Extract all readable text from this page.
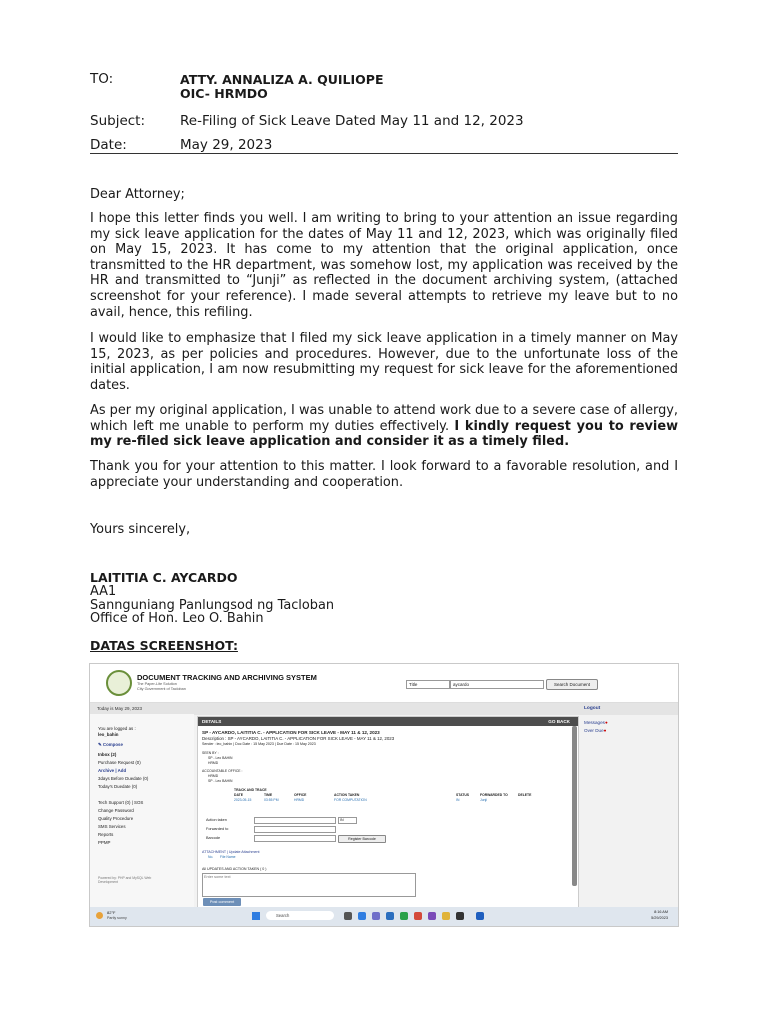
TO:	ATTY. ANNALIZA A. QUILIOPE
OIC- HRMDO
Subject:	Re-Filing of Sick Leave Dated May 11 and 12, 2023
Date:	May 29, 2023
Dear Attorney;
I hope this letter finds you well. I am writing to bring to your attention an issue regarding my sick leave application for the dates of May 11 and 12, 2023, which was originally filed on May 15, 2023. It has come to my attention that the original application, once transmitted to the HR department, was somehow lost, my application was received by the HR and transmitted to “Junji” as reflected in the document archiving system, (attached screenshot for your reference). I made several attempts to retrieve my leave but to no avail, hence, this refiling.
I would like to emphasize that I filed my sick leave application in a timely manner on May 15, 2023, as per policies and procedures. However, due to the unfortunate loss of the initial application, I am now resubmitting my request for sick leave for the aforementioned dates.
As per my original application, I was unable to attend work due to a severe case of allergy, which left me unable to perform my duties effectively. I kindly request you to review my re-filed sick leave application and consider it as a timely filed.
Thank you for your attention to this matter. I look forward to a favorable resolution, and I appreciate your understanding and cooperation.
Yours sincerely,
LAITITIA C. AYCARDO
AA1
Sannguniang Panlungsod ng Tacloban
Office of Hon. Leo O. Bahin
DATAS SCREENSHOT:
DOCUMENT TRACKING AND ARCHIVING SYSTEM
The Paper-Lite Solution
City Government of Tacloban
Title	aycardo	Search Document
Today is May 29, 2023	Logout
You are logged as :
leo_bahin
✎ Compose
Inbox (2)
Purchase Request (0)
Archive | Add
3days Before Duedate (0)
Today's Duedate (0)
Tech Support (0) | SOS
Change Password
Quality Procedure
SMS Services
Reports
PPMP
Powered by: PHP and MySQL Web Development
DETAILS	GO BACK
SP - AYCARDO, LAITITIA C. - APPLICATION FOR SICK LEAVE - MAY 11 & 12, 2023
Description : SP - AYCARDO, LAITITIA C. - APPLICATION FOR SICK LEAVE - MAY 11 & 12, 2023
Sender : leo_bahin | Doc Date : 15 May 2023 | Due Date : 15 May 2023
SEEN BY :
SP - Leo BAHIN
HRMD
ACCOUNTABLE OFFICE :
HRMD
SP - Leo BAHIN
TRACK AND TRACE
DATE	TIME	OFFICE	ACTION TAKEN	STATUS	FORWARDED TO	DELETE
2023-05-15	03:55 PM	HRMD	FOR COMPUTATION	IN	Junji
Action taken	IN
Forwarded to
Barcode	Register Barcode
ATTACHMENT | Update Attachment
No. File Name
All UPDATES AND ACTION TAKEN ( 0 )
Enter some text
Post comment
Messages●
Over Due●
82°F
Partly sunny	Search
8:16 AM
5/29/2023
